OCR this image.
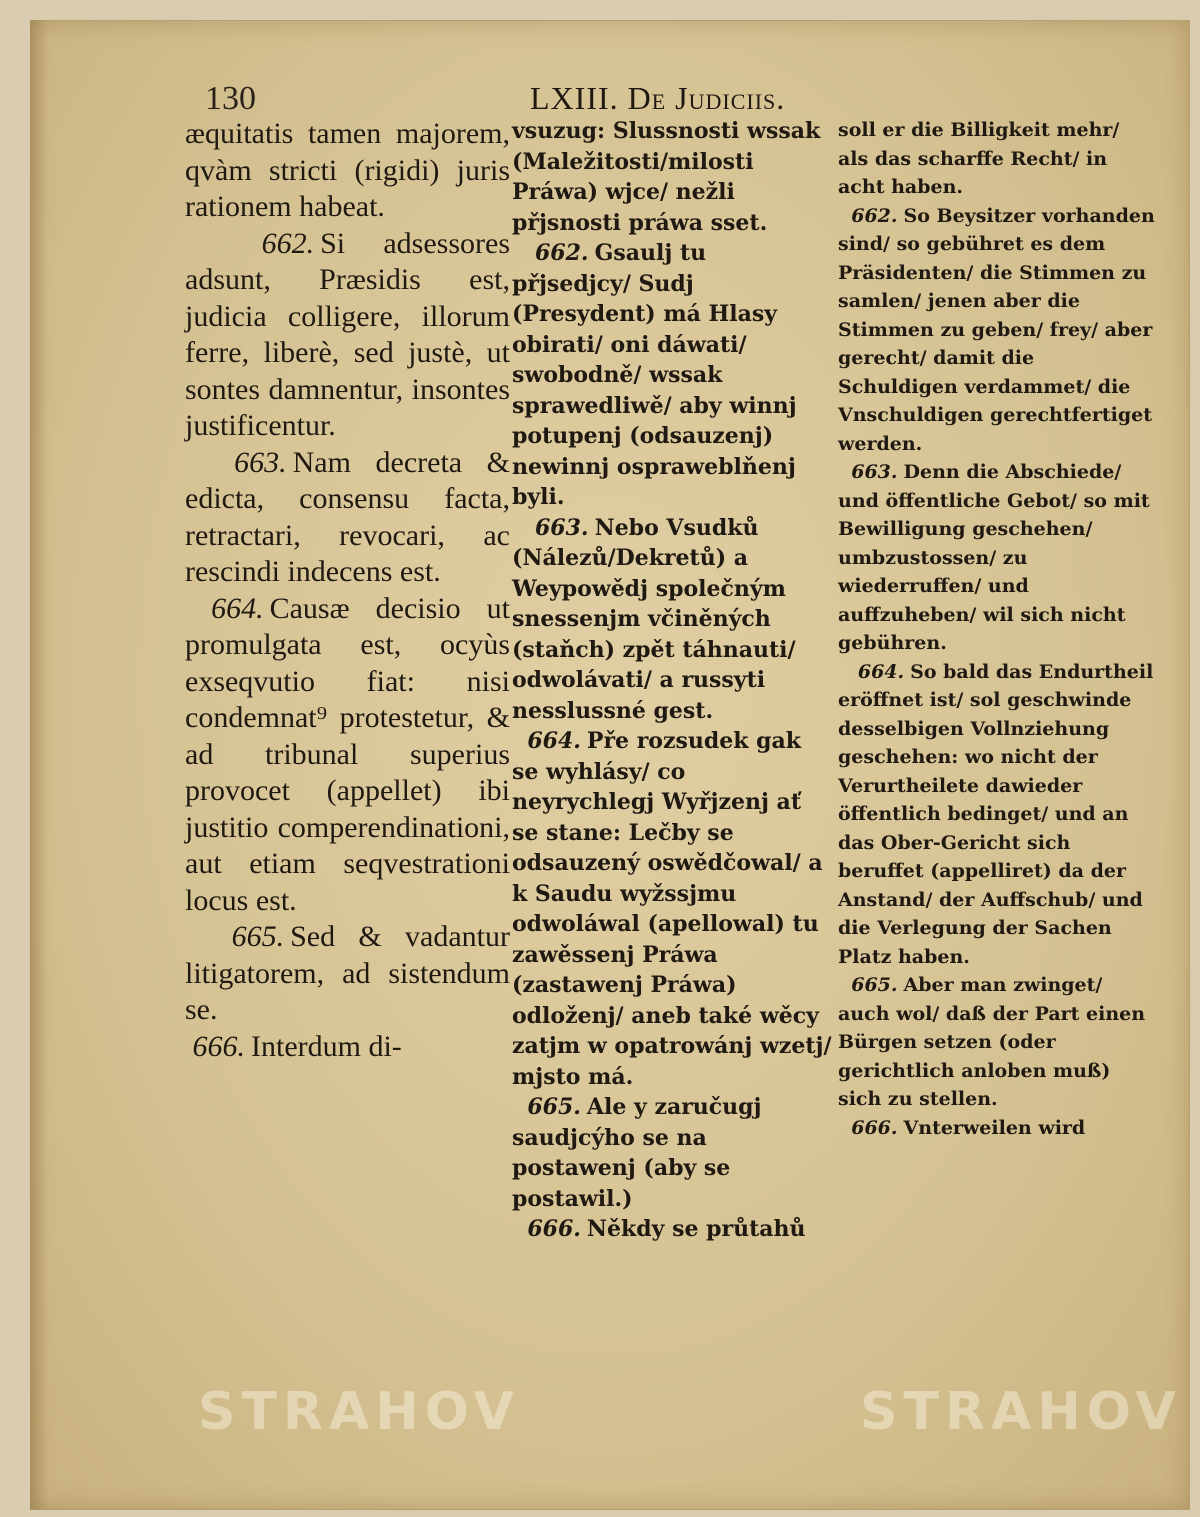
130	LXIII. De Judiciis.

æquitatis tamen majorem, qvàm stricti (rigidi) juris rationem habeat.

662. Si adsessores adsunt, Præsidis est, judicia colligere, illorum ferre, liberè, sed justè, ut sontes damnentur, insontes justificentur.

663. Nam decreta & edicta, consensu facta, retractari, revocari, ac rescindi indecens est.

664. Causæ decisio ut promulgata est, ocyùs exseqvutio fiat: nisi condemnat⁹ protestetur, & ad tribunal superius provocet (appellet) ibi justitio comperendinationi, aut etiam seqvestrationi locus est.

665. Sed & vadantur litigatorem, ad sistendum se.

666. Interdum di-

vsuzug: Slussnosti wssak (Maležitosti/milosti Práwa) wjce/ nežli přjsnosti práwa sset.

662. Gsaulj tu přjsedjcy/ Sudj (Presydent) má Hlasy obirati/ oni dáwati/ swobodně/ wssak sprawedliwě/ aby winnj potupenj (odsauzenj) newinnj ospraweblňenj byli.

663. Nebo Vsudků (Nálezů/Dekretů) a Weypowědj společným snessenjm včiněných (staňch) zpět táhnauti/ odwolávati/ a russyti nesslussné gest.

664. Pře rozsudek gak se wyhlásy/ co neyrychlegj Wyřjzenj ať se stane: Lečby se odsauzený oswědčowal/ a k Saudu wyžssjmu odwoláwal (apellowal) tu zawěssenj Práwa (zastawenj Práwa) odloženj/ aneb také wěcy zatjm w opatrowánj wzetj/ mjsto má.

665. Ale y zaručugj saudjcýho se na postawenj (aby se postawil.)

666. Někdy se průtahů

soll er die Billigkeit mehr/ als das scharffe Recht/ in acht haben.

662. So Beysitzer vorhanden sind/ so gebühret es dem Präsidenten/ die Stimmen zu samlen/ jenen aber die Stimmen zu geben/ frey/ aber gerecht/ damit die Schuldigen verdammet/ die Vnschuldigen gerechtfertiget werden.

663. Denn die Abschiede/ und öffentliche Gebot/ so mit Bewilligung geschehen/ umbzustossen/ zu wiederruffen/ und auffzuheben/ wil sich nicht gebühren.

664. So bald das Endurtheil eröffnet ist/ sol geschwinde desselbigen Vollnziehung geschehen: wo nicht der Verurtheilete dawieder öffentlich bedinget/ und an das Ober-Gericht sich beruffet (appelliret) da der Anstand/ der Auffschub/ und die Verlegung der Sachen Platz haben.

665. Aber man zwinget/ auch wol/ daß der Part einen Bürgen setzen (oder gerichtlich anloben muß) sich zu stellen.

666. Vnterweilen wird

STRAHOV	STRAHOV
